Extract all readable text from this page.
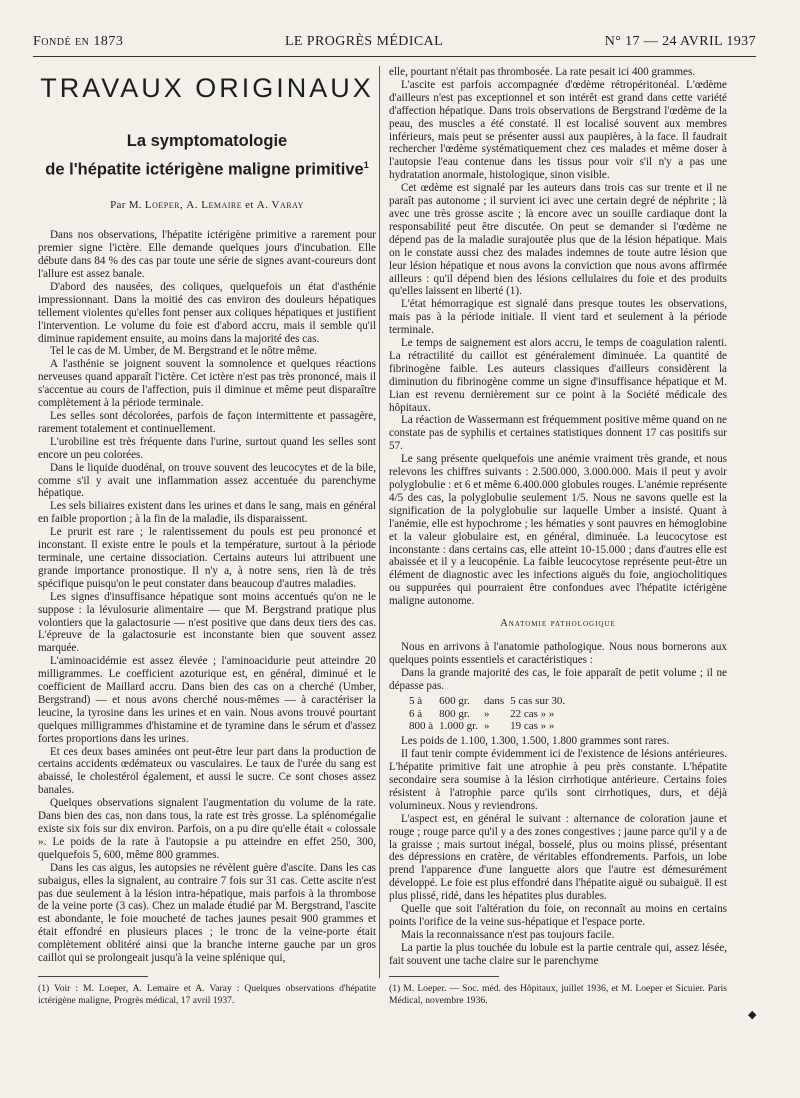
Fondé en 1873	LE PROGRÈS MÉDICAL	N° 17 — 24 AVRIL 1937
TRAVAUX ORIGINAUX
La symptomatologie
de l'hépatite ictérigène maligne primitive$^1$
Par M. Loeper, A. Lemaire et A. Varay

Dans nos observations, l'hépatite ictérigène primitive a rarement pour premier signe l'ictère. Elle demande quelques jours d'incubation. Elle débute dans 84 % des cas par toute une série de signes avant-coureurs dont l'allure est assez banale.

D'abord des nausées, des coliques, quelquefois un état d'asthénie impressionnant. Dans la moitié des cas environ des douleurs hépatiques tellement violentes qu'elles font penser aux coliques hépatiques et justifient l'intervention. Le volume du foie est d'abord accru, mais il semble qu'il diminue rapidement ensuite, au moins dans la majorité des cas.

Tel le cas de M. Umber, de M. Bergstrand et le nôtre même.

A l'asthénie se joignent souvent la somnolence et quelques réactions nerveuses quand apparaît l'ictère. Cet ictère n'est pas très prononcé, mais il s'accentue au cours de l'affection, puis il diminue et même peut disparaître complètement à la période terminale.

Les selles sont décolorées, parfois de façon intermittente et passagère, rarement totalement et continuellement.

L'urobiline est très fréquente dans l'urine, surtout quand les selles sont encore un peu colorées.

Dans le liquide duodénal, on trouve souvent des leucocytes et de la bile, comme s'il y avait une inflammation assez accentuée du parenchyme hépatique.

Les sels biliaires existent dans les urines et dans le sang, mais en général en faible proportion ; à la fin de la maladie, ils disparaissent.

Le prurit est rare ; le ralentissement du pouls est peu prononcé et inconstant. Il existe entre le pouls et la température, surtout à la période terminale, une certaine dissociation. Certains auteurs lui attribuent une grande importance pronostique. Il n'y a, à notre sens, rien là de très spécifique puisqu'on le peut constater dans beaucoup d'autres maladies.

Les signes d'insuffisance hépatique sont moins accentués qu'on ne le suppose : la lévulosurie alimentaire — que M. Bergstrand pratique plus volontiers que la galactosurie — n'est positive que dans deux tiers des cas. L'épreuve de la galactosurie est inconstante bien que souvent assez marquée.

L'aminoacidémie est assez élevée ; l'aminoacidurie peut atteindre 20 milligrammes. Le coefficient azoturique est, en général, diminué et le coefficient de Maillard accru. Dans bien des cas on a cherché (Umber, Bergstrand) — et nous avons cherché nous-mêmes — à caractériser la leucine, la tyrosine dans les urines et en vain. Nous avons trouvé pourtant quelques milligrammes d'histamine et de tyramine dans le sérum et d'assez fortes proportions dans les urines.

Et ces deux bases aminées ont peut-être leur part dans la production de certains accidents œdémateux ou vasculaires. Le taux de l'urée du sang est abaissé, le cholestérol également, et aussi le sucre. Ce sont choses assez banales.

Quelques observations signalent l'augmentation du volume de la rate. Dans bien des cas, non dans tous, la rate est très grosse. La splénomégalie existe six fois sur dix environ. Parfois, on a pu dire qu'elle était « colossale ». Le poids de la rate à l'autopsie a pu atteindre en effet 250, 300, quelquefois 5, 600, même 800 grammes.

Dans les cas aigus, les autopsies ne révèlent guère d'ascite. Dans les cas subaigus, elles la signalent, au contraire 7 fois sur 31 cas. Cette ascite n'est pas due seulement à la lésion intra-hépatique, mais parfois à la thrombose de la veine porte (3 cas). Chez un malade étudié par M. Bergstrand, l'ascite est abondante, le foie moucheté de taches jaunes pesait 900 grammes et était effondré en plusieurs places ; le tronc de la veine-porte était complètement oblitéré ainsi que la branche interne gauche par un gros caillot qui se prolongeait jusqu'à la veine splénique qui,

elle, pourtant n'était pas thrombosée. La rate pesait ici 400 grammes.

L'ascite est parfois accompagnée d'œdème rétropéritonéal. L'œdème d'ailleurs n'est pas exceptionnel et son intérêt est grand dans cette variété d'affection hépatique. Dans trois observations de Bergstrand l'œdème de la peau, des muscles a été constaté. Il est localisé souvent aux membres inférieurs, mais peut se présenter aussi aux paupières, à la face. Il faudrait rechercher l'œdème systématiquement chez ces malades et même doser à l'autopsie l'eau contenue dans les tissus pour voir s'il n'y a pas une hydratation anormale, histologique, sinon visible.

Cet œdème est signalé par les auteurs dans trois cas sur trente et il ne paraît pas autonome ; il survient ici avec une certain degré de néphrite ; là avec une très grosse ascite ; là encore avec un souille cardiaque dont la responsabilité peut être discutée. On peut se demander si l'œdème ne dépend pas de la maladie surajoutée plus que de la lésion hépatique. Mais on le constate aussi chez des malades indemnes de toute autre lésion que leur lésion hépatique et nous avons la conviction que nous avons affirmée ailleurs : qu'il dépend bien des lésions cellulaires du foie et des produits qu'elles laissent en liberté (1).

L'état hémorragique est signalé dans presque toutes les observations, mais pas à la période initiale. Il vient tard et seulement à la période terminale.

Le temps de saignement est alors accru, le temps de coagulation ralenti. La rétractilité du caillot est généralement diminuée. La quantité de fibrinogène faible. Les auteurs classiques d'ailleurs considèrent la diminution du fibrinogène comme un signe d'insuffisance hépatique et M. Lian est revenu dernièrement sur ce point à la Société médicale des hôpitaux.

La réaction de Wassermann est fréquemment positive même quand on ne constate pas de syphilis et certaines statistiques donnent 17 cas positifs sur 57.

Le sang présente quelquefois une anémie vraiment très grande, et nous relevons les chiffres suivants : 2.500.000, 3.000.000. Mais il peut y avoir polyglobulie : et 6 et même 6.400.000 globules rouges. L'anémie représente 4/5 des cas, la polyglobulie seulement 1/5. Nous ne savons quelle est la signification de la polyglobulie sur laquelle Umber a insisté. Quant à l'anémie, elle est hypochrome ; les hématies y sont pauvres en hémoglobine et la valeur globulaire est, en général, diminuée. La leucocytose est inconstante : dans certains cas, elle atteint 10-15.000 ; dans d'autres elle est abaissée et il y a leucopénie. La faible leucocytose représente peut-être un élément de diagnostic avec les infections aiguës du foie, angiocholitiques ou suppurées qui pourraient être confondues avec l'hépatite ictérigène maligne autonome.

Anatomie pathologique

Nous en arrivons à l'anatomie pathologique. Nous nous bornerons aux quelques points essentiels et caractéristiques :

Dans la grande majorité des cas, le foie apparaît de petit volume ; il ne dépasse pas.

5 à	600 gr.	dans	5 cas sur 30.
6 à	800 gr.	»	22 cas » »
800 à	1.000 gr.	»	19 cas » »

Les poids de 1.100, 1.300, 1.500, 1.800 grammes sont rares.

Il faut tenir compte évidemment ici de l'existence de lésions antérieures. L'hépatite primitive fait une atrophie à peu près constante. L'hépatite secondaire sera soumise à la lésion cirrhotique antérieure. Certains foies résistent à l'atrophie parce qu'ils sont cirrhotiques, durs, et déjà volumineux. Nous y reviendrons.

L'aspect est, en général le suivant : alternance de coloration jaune et rouge ; rouge parce qu'il y a des zones congestives ; jaune parce qu'il y a de la graisse ; mais surtout inégal, bosselé, plus ou moins plissé, présentant des dépressions en cratère, de véritables effondrements. Parfois, un lobe prend l'apparence d'une languette alors que l'autre est démesurément développé. Le foie est plus effondré dans l'hépatite aiguë ou subaiguë. Il est plus plissé, ridé, dans les hépatites plus durables.

Quelle que soit l'altération du foie, on reconnaît au moins en certains points l'orifice de la veine sus-hépatique et l'espace porte.

Mais la reconnaissance n'est pas toujours facile.

La partie la plus touchée du lobule est la partie centrale qui, assez lésée, fait souvent une tache claire sur le parenchyme

(1) Voir : M. Loeper, A. Lemaire et A. Varay : Quelques observations d'hépatite ictérigène maligne, Progrès médical, 17 avril 1937.
(1) M. Loeper. — Soc. méd. des Hôpitaux, juillet 1936, et M. Loeper et Sicuier. Paris Médical, novembre 1936.
◆
